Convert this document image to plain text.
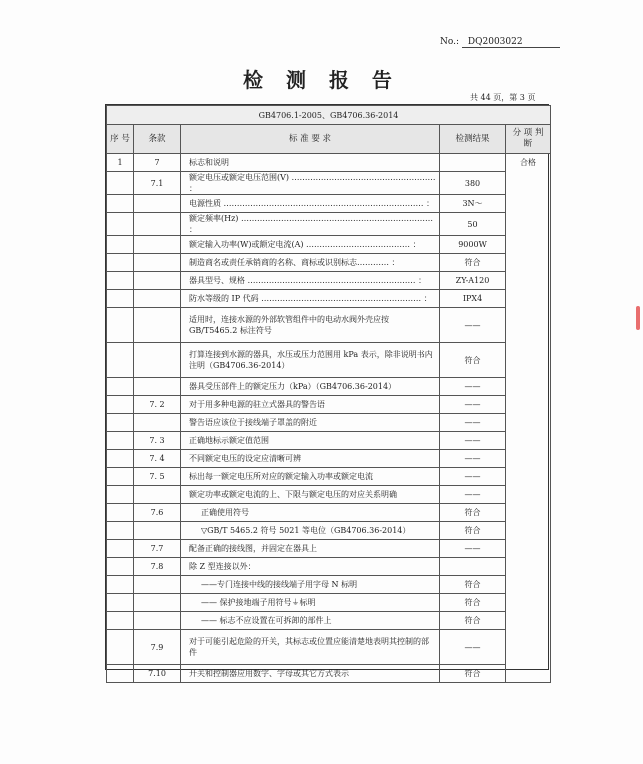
No.: DQ2003022
检 测 报 告
共 44 页，第 3 页
GB4706.1-2005、GB4706.36-2014				
序 号	条款	标 准 要 求	检测结果	分 项 判 断
1	7	标志和说明		合格
	7.1	额定电压或额定电压范围(V) ……………………………………………… ：	380	
		电源性质 ………………………………………………………………… ：	3N～	
		额定频率(Hz) ……………………………………………………………… ：	50	
		额定输入功率(W)或额定电流(A) ………………………………… ：	9000W	
		制造商名或责任承销商的名称、商标或识别标志………… ：	符合	
		器具型号、规格 ……………………………………………………… ：	ZY-A120	
		防水等级的 IP 代码 …………………………………………………… ：	IPX4	
		适用时，连接水源的外部软管组件中的电动水阀外壳应按GB/T5465.2 标注符号	——	
		打算连接到水源的器具，水压或压力范围用 kPa 表示，除非说明书内注明（GB4706.36-2014）	符合	
		器具受压部件上的额定压力（kPa）（GB4706.36-2014）	——	
	7. 2	对于用多种电源的驻立式器具的警告语	——	
		警告语应该位于接线端子罩盖的附近	——	
	7. 3	正确地标示额定值范围	——	
	7. 4	不同额定电压的设定应清晰可辨	——	
	7. 5	标出每一额定电压所对应的额定输入功率或额定电流	——	
		额定功率或额定电流的上、下限与额定电压的对应关系明确	——	
	7.6	正确使用符号	符合	
		▽GB/T 5465.2 符号 5021 等电位（GB4706.36-2014）	符合	
	7.7	配备正确的接线图，并固定在器具上	——	
	7.8	除 Z 型连接以外：		
		——专门连接中线的接线端子用字母 N 标明	符合	
		—— 保护接地端子用符号⏚标明	符合	
		—— 标志不应设置在可拆卸的部件上	符合	
	7.9	对于可能引起危险的开关，其标志或位置应能清楚地表明其控制的部件	——	
	7.10	开关和控制器应用数字、字母或其它方式表示	符合	
